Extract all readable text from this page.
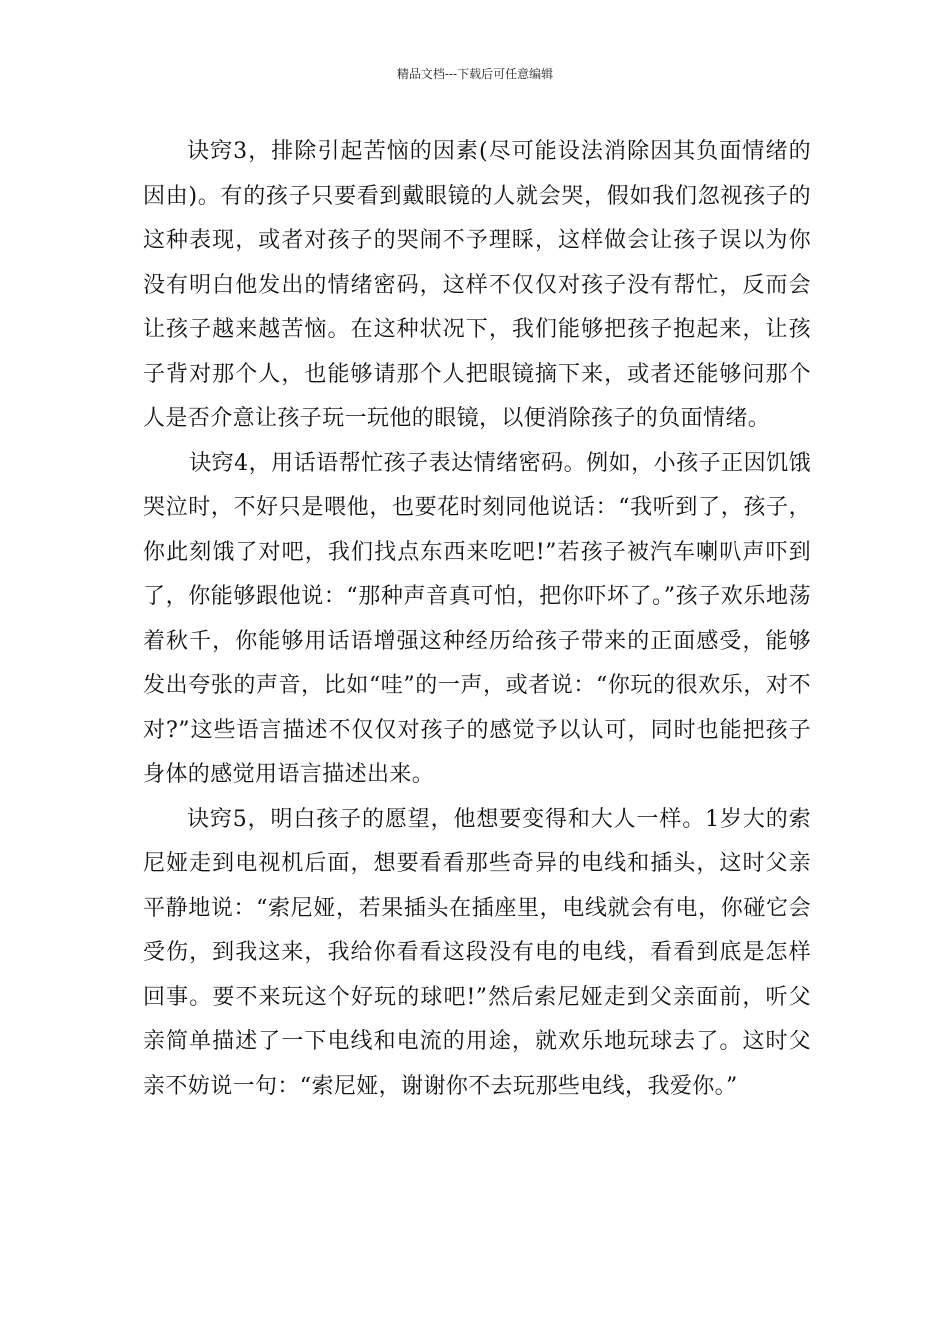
精品文档---下载后可任意编辑

诀窍3，排除引起苦恼的因素(尽可能设法消除因其负面情绪的因由)。有的孩子只要看到戴眼镜的人就会哭，假如我们忽视孩子的这种表现，或者对孩子的哭闹不予理睬，这样做会让孩子误以为你没有明白他发出的情绪密码，这样不仅仅对孩子没有帮忙，反而会让孩子越来越苦恼。在这种状况下，我们能够把孩子抱起来，让孩子背对那个人，也能够请那个人把眼镜摘下来，或者还能够问那个人是否介意让孩子玩一玩他的眼镜，以便消除孩子的负面情绪。

诀窍4，用话语帮忙孩子表达情绪密码。例如，小孩子正因饥饿哭泣时，不好只是喂他，也要花时刻同他说话：“我听到了，孩子，你此刻饿了对吧，我们找点东西来吃吧!”若孩子被汽车喇叭声吓到了，你能够跟他说：“那种声音真可怕，把你吓坏了。”孩子欢乐地荡着秋千，你能够用话语增强这种经历给孩子带来的正面感受，能够发出夸张的声音，比如“哇”的一声，或者说：“你玩的很欢乐，对不对?”这些语言描述不仅仅对孩子的感觉予以认可，同时也能把孩子身体的感觉用语言描述出来。

诀窍5，明白孩子的愿望，他想要变得和大人一样。1岁大的索尼娅走到电视机后面，想要看看那些奇异的电线和插头，这时父亲平静地说：“索尼娅，若果插头在插座里，电线就会有电，你碰它会受伤，到我这来，我给你看看这段没有电的电线，看看到底是怎样回事。要不来玩这个好玩的球吧!”然后索尼娅走到父亲面前，听父亲简单描述了一下电线和电流的用途，就欢乐地玩球去了。这时父亲不妨说一句：“索尼娅，谢谢你不去玩那些电线，我爱你。”
